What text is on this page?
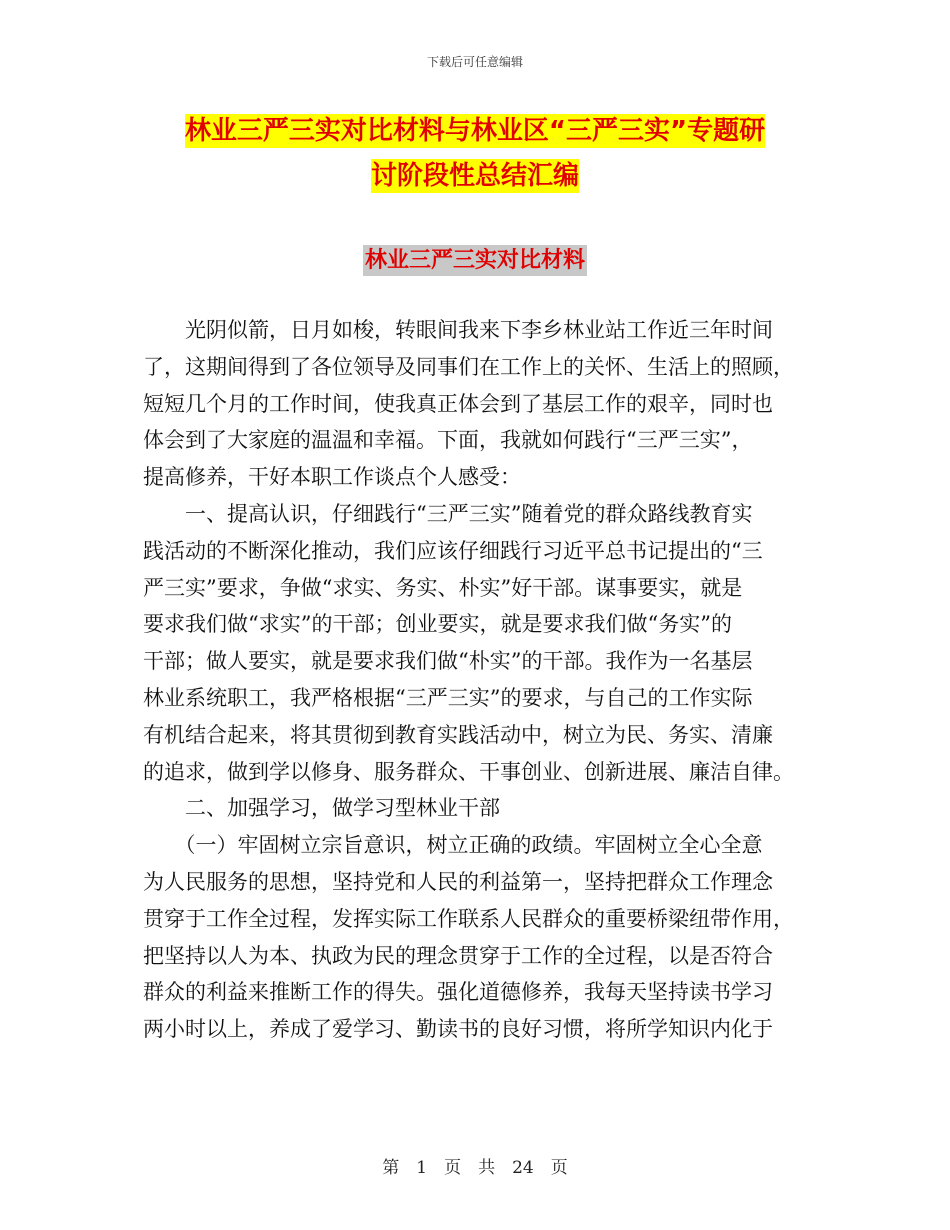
下载后可任意编辑
林业三严三实对比材料与林业区“三严三实”专题研
讨阶段性总结汇编
林业三严三实对比材料
　　光阴似箭，日月如梭，转眼间我来下李乡林业站工作近三年时间
了，这期间得到了各位领导及同事们在工作上的关怀、生活上的照顾，
短短几个月的工作时间，使我真正体会到了基层工作的艰辛，同时也
体会到了大家庭的温温和幸福。下面，我就如何践行“三严三实”，
提高修养，干好本职工作谈点个人感受：
　　一、提高认识，仔细践行“三严三实”随着党的群众路线教育实
践活动的不断深化推动，我们应该仔细践行习近平总书记提出的“三
严三实”要求，争做“求实、务实、朴实”好干部。谋事要实，就是
要求我们做“求实”的干部；创业要实，就是要求我们做“务实”的
干部；做人要实，就是要求我们做“朴实”的干部。我作为一名基层
林业系统职工，我严格根据“三严三实”的要求，与自己的工作实际
有机结合起来，将其贯彻到教育实践活动中，树立为民、务实、清廉
的追求，做到学以修身、服务群众、干事创业、创新进展、廉洁自律。
　　二、加强学习，做学习型林业干部
　　（一）牢固树立宗旨意识，树立正确的政绩。牢固树立全心全意
为人民服务的思想，坚持党和人民的利益第一，坚持把群众工作理念
贯穿于工作全过程，发挥实际工作联系人民群众的重要桥梁纽带作用，
把坚持以人为本、执政为民的理念贯穿于工作的全过程，以是否符合
群众的利益来推断工作的得失。强化道德修养，我每天坚持读书学习
两小时以上，养成了爱学习、勤读书的良好习惯，将所学知识内化于
第　1　页　共　24　页
